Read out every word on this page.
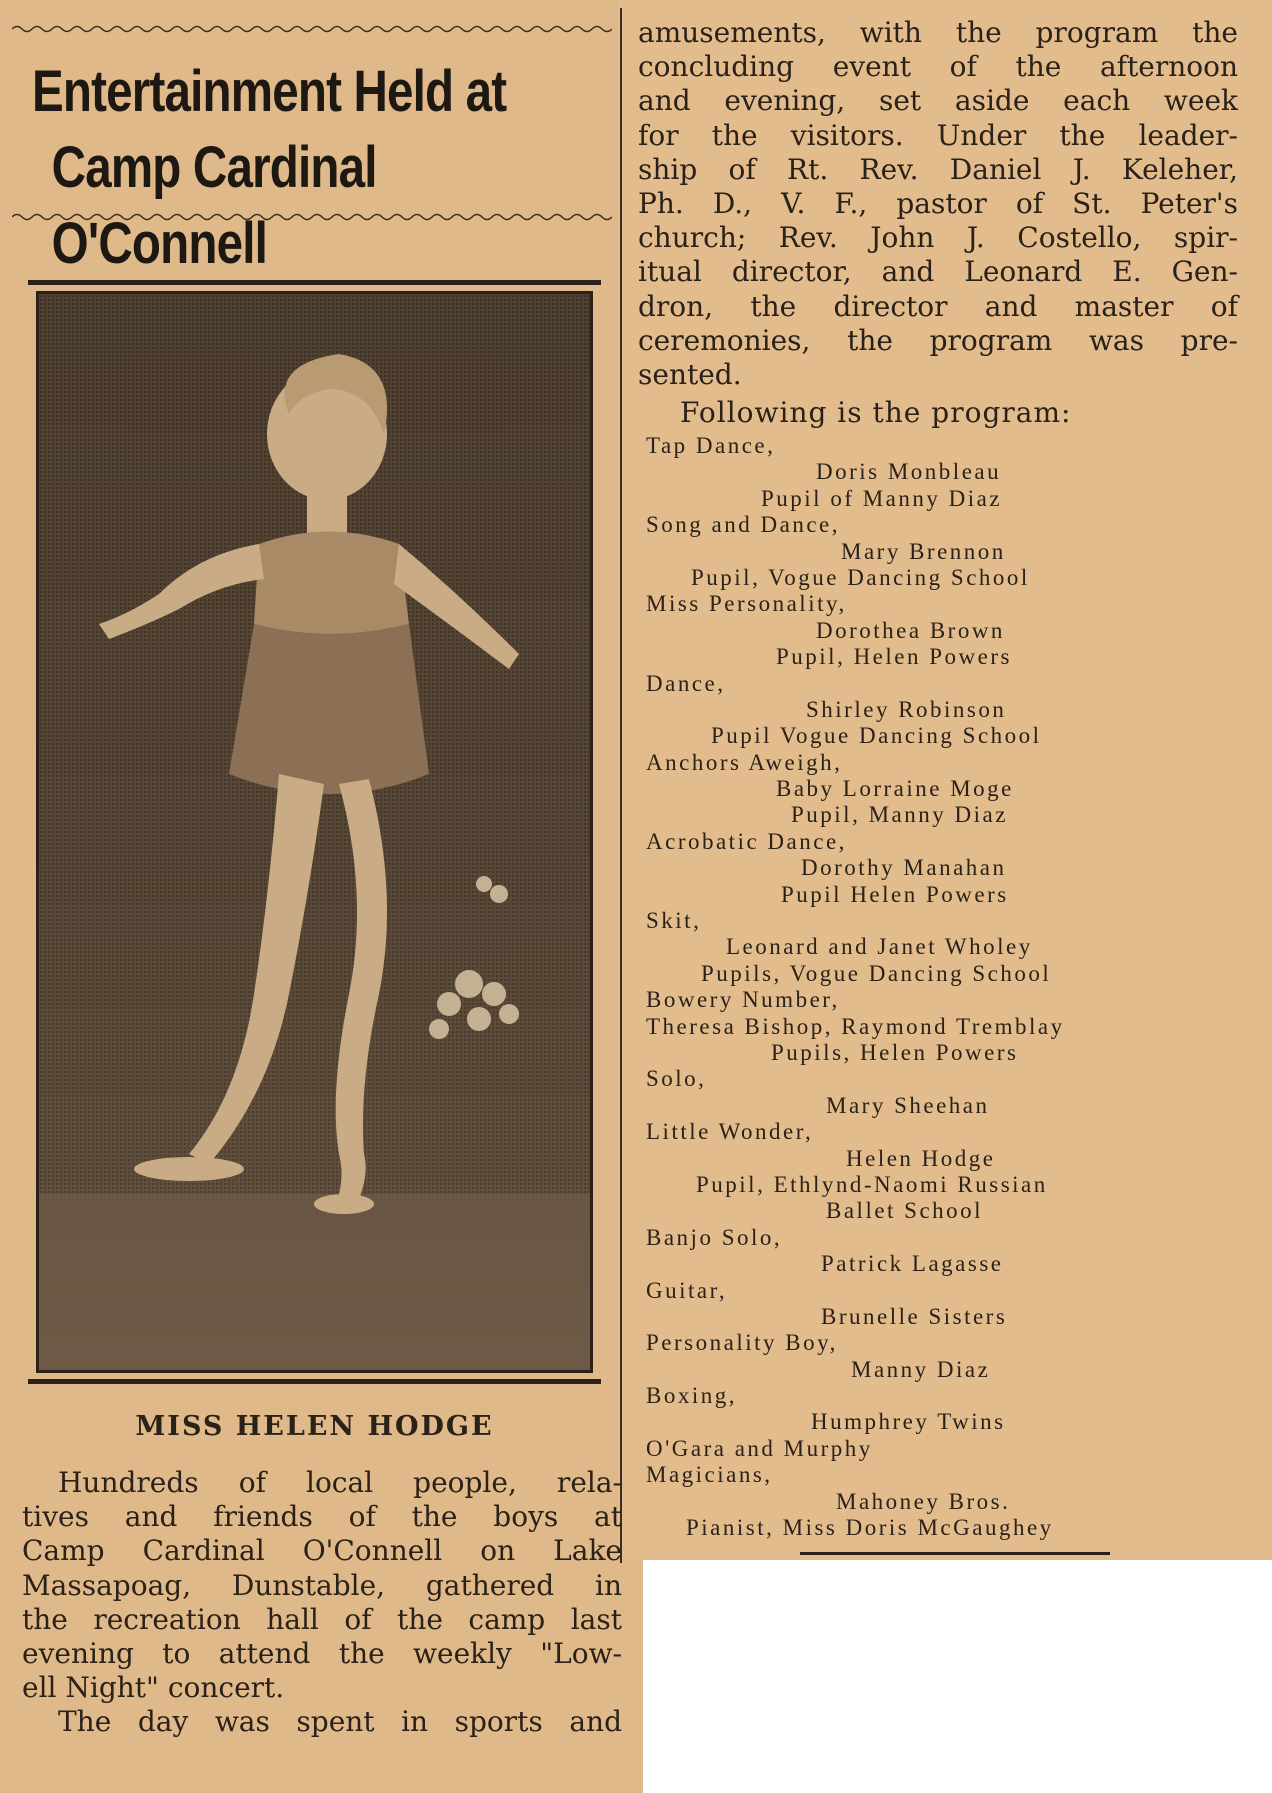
Entertainment Held at
Camp Cardinal O'Connell
MISS HELEN HODGE

Hundreds of local people, rela-

tives and friends of the boys at

Camp Cardinal O'Connell on Lake

Massapoag, Dunstable, gathered in

the recreation hall of the camp last

evening to attend the weekly "Low-

ell Night" concert.

The day was spent in sports and

amusements, with the program the

concluding event of the afternoon

and evening, set aside each week

for the visitors. Under the leader-

ship of Rt. Rev. Daniel J. Keleher,

Ph. D., V. F., pastor of St. Peter's

church; Rev. John J. Costello, spir-

itual director, and Leonard E. Gen-

dron, the director and master of

ceremonies, the program was pre-

sented.

Following is the program:
Tap Dance,
Doris Monbleau
Pupil of Manny Diaz
Song and Dance,
Mary Brennon
Pupil, Vogue Dancing School
Miss Personality,
Dorothea Brown
Pupil, Helen Powers
Dance,
Shirley Robinson
Pupil Vogue Dancing School
Anchors Aweigh,
Baby Lorraine Moge
Pupil, Manny Diaz
Acrobatic Dance,
Dorothy Manahan
Pupil Helen Powers
Skit,
Leonard and Janet Wholey
Pupils, Vogue Dancing School
Bowery Number,
Theresa Bishop, Raymond Tremblay
Pupils, Helen Powers
Solo,
Mary Sheehan
Little Wonder,
Helen Hodge
Pupil, Ethlynd-Naomi Russian
Ballet School
Banjo Solo,
Patrick Lagasse
Guitar,
Brunelle Sisters
Personality Boy,
Manny Diaz
Boxing,
Humphrey Twins
O'Gara and Murphy
Magicians,
Mahoney Bros.
Pianist, Miss Doris McGaughey
